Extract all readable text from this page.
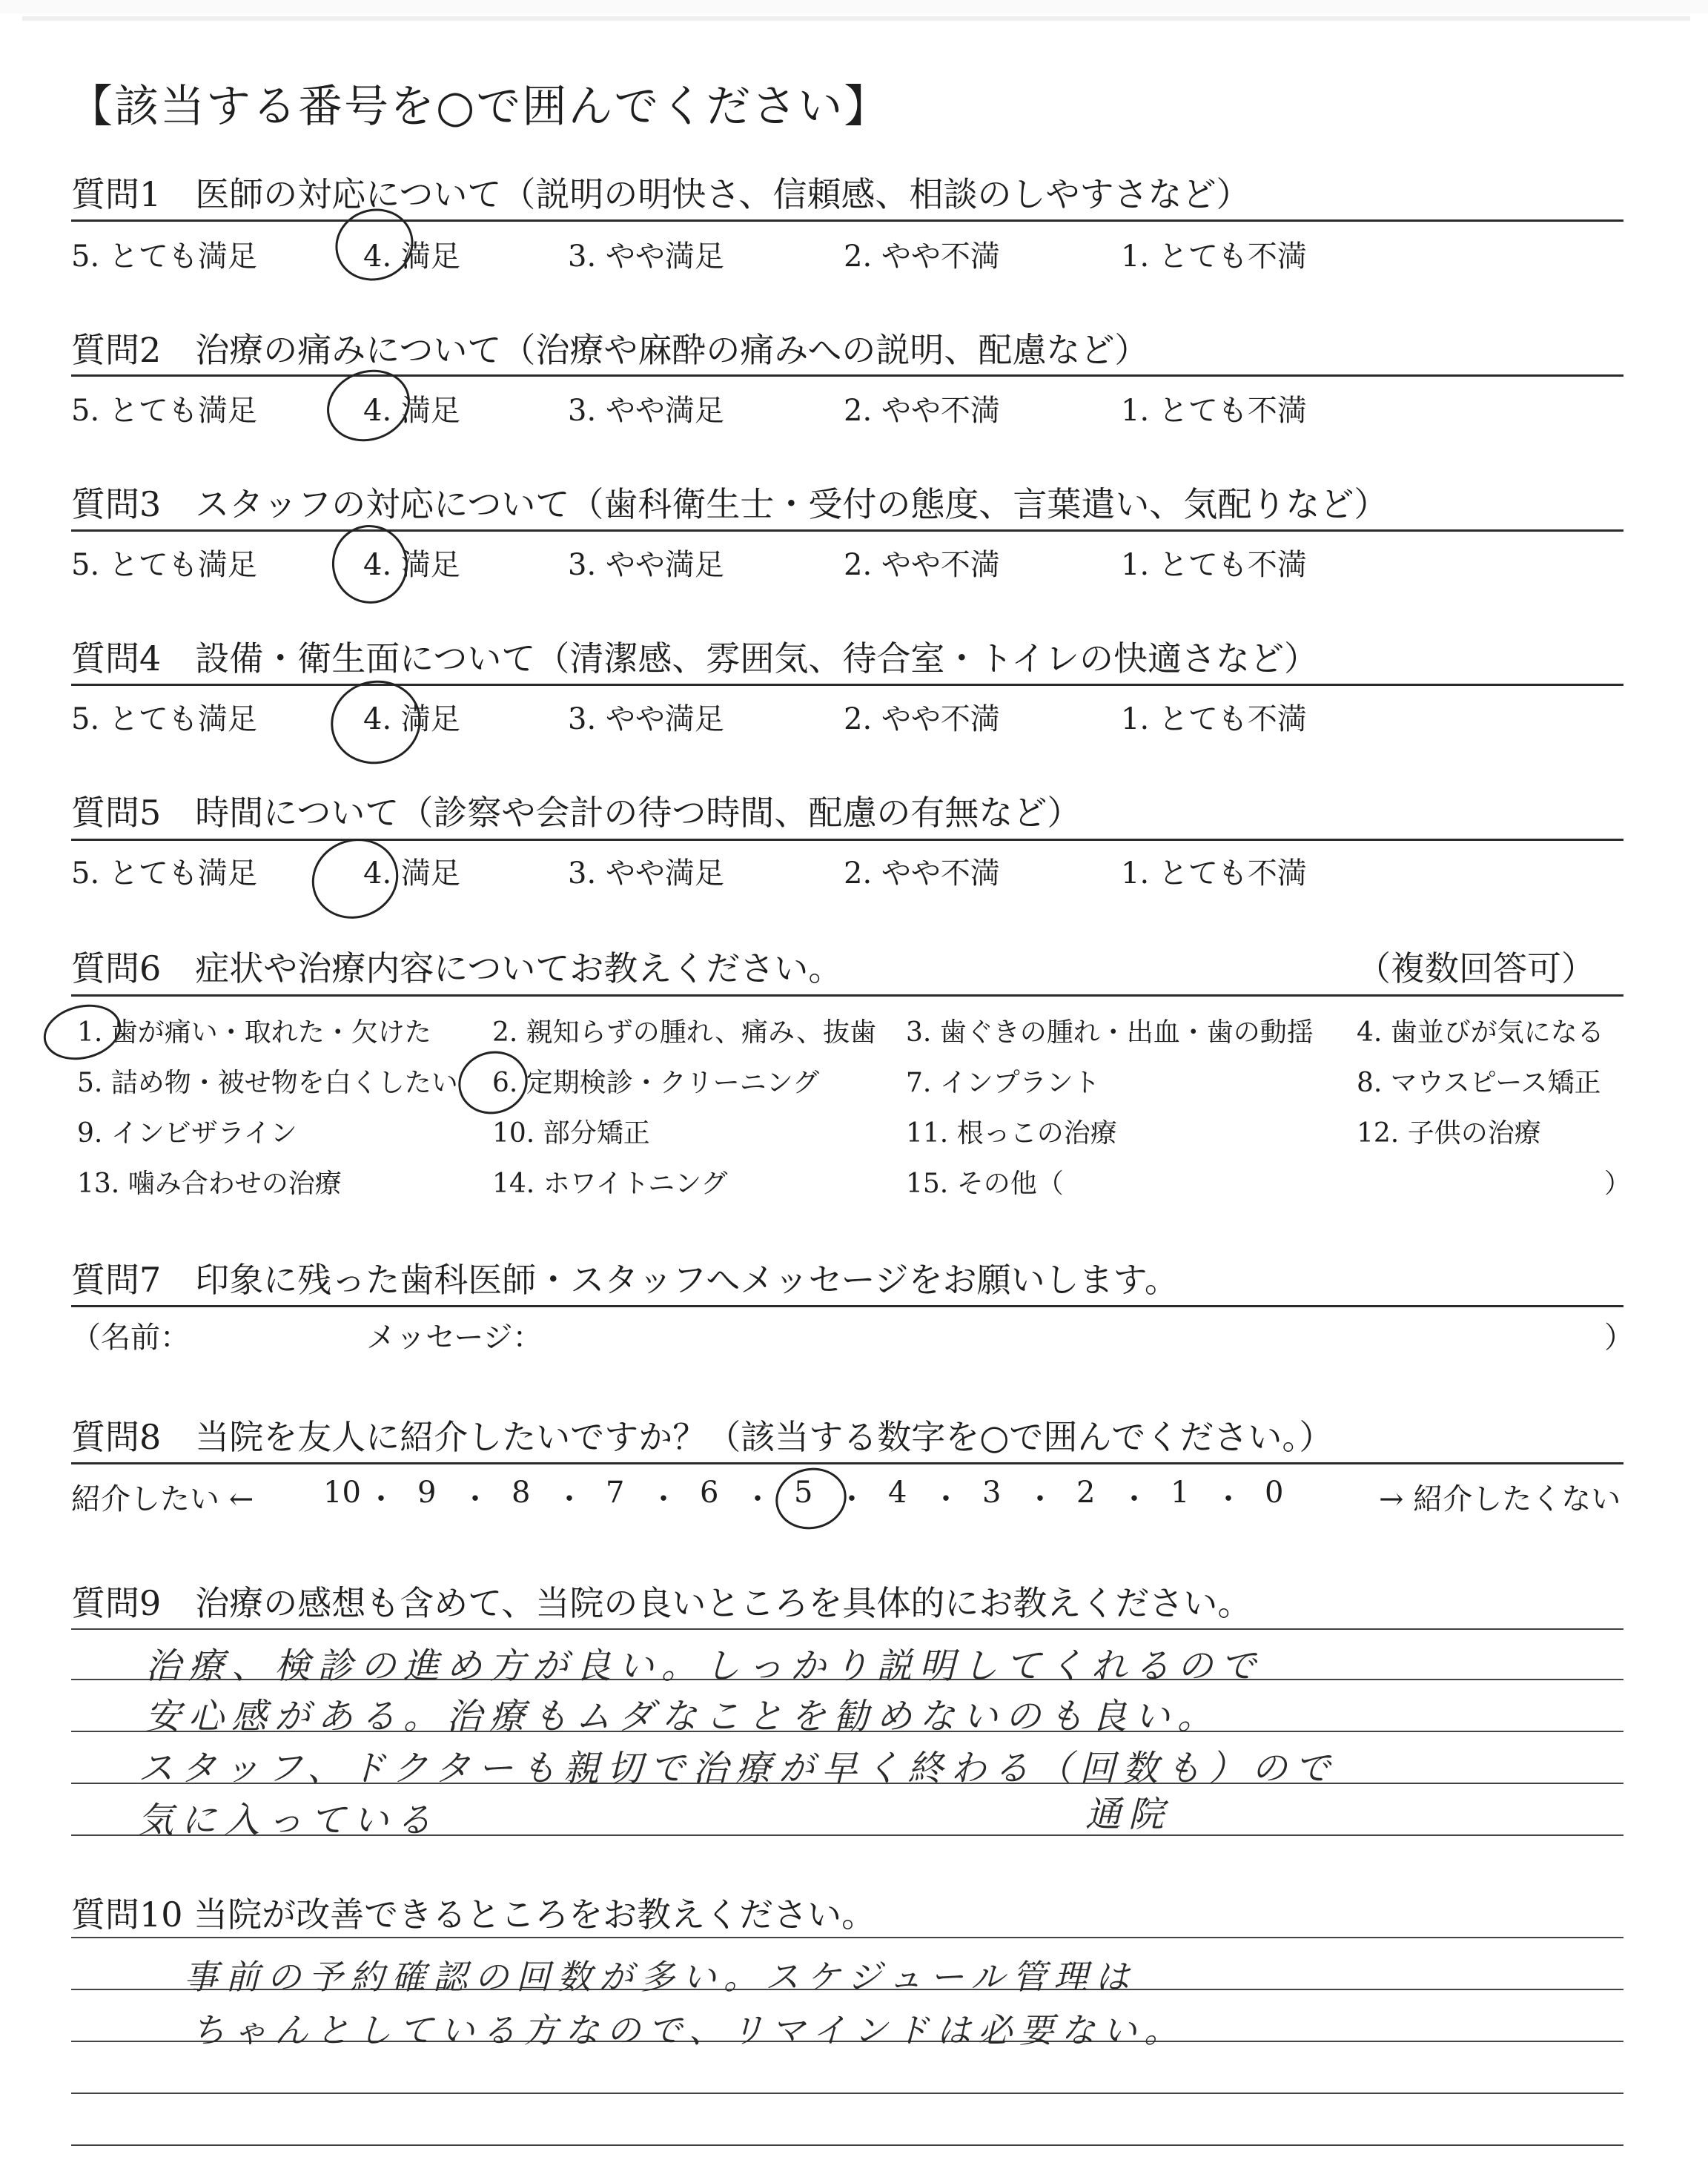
【該当する番号を○で囲んでください】
質問1　医師の対応について（説明の明快さ、信頼感、相談のしやすさなど）
5. とても満足	4. 満足	3. やや満足	2. やや不満	1. とても不満
質問2　治療の痛みについて（治療や麻酔の痛みへの説明、配慮など）
5. とても満足	4. 満足	3. やや満足	2. やや不満	1. とても不満
質問3　スタッフの対応について（歯科衛生士・受付の態度、言葉遣い、気配りなど）
5. とても満足	4. 満足	3. やや満足	2. やや不満	1. とても不満
質問4　設備・衛生面について（清潔感、雰囲気、待合室・トイレの快適さなど）
5. とても満足	4. 満足	3. やや満足	2. やや不満	1. とても不満
質問5　時間について（診察や会計の待つ時間、配慮の有無など）
5. とても満足	4. 満足	3. やや満足	2. やや不満	1. とても不満
質問6　症状や治療内容についてお教えください。	（複数回答可）
1. 歯が痛い・取れた・欠けた 2. 親知らずの腫れ、痛み、抜歯 3. 歯ぐきの腫れ・出血・歯の動揺 4. 歯並びが気になる
5. 詰め物・被せ物を白くしたい 6. 定期検診・クリーニング	7. インプラント	8. マウスピース矯正
9. インビザライン	10. 部分矯正	11. 根っこの治療	12. 子供の治療
13. 噛み合わせの治療	14. ホワイトニング	15. その他（	）
質問7　印象に残った歯科医師・スタッフへメッセージをお願いします。
（名前：	メッセージ：	）
質問8　当院を友人に紹介したいですか？（該当する数字を○で囲んでください。）
紹介したい ←	→ 紹介したくない
10 ・ 9 ・ 8 ・ 7 ・ 6 ・ 5 ・ 4 ・ 3 ・ 2 ・ 1 ・ 0
質問9　治療の感想も含めて、当院の良いところを具体的にお教えください。
治療、検診の進め方が良い。しっかり説明してくれるので
安心感がある。治療もムダなことを勧めないのも良い。
スタッフ、ドクターも親切で治療が早く終わる（回数も）ので
気に入っている	通院
質問10 当院が改善できるところをお教えください。
事前の予約確認の回数が多い。スケジュール管理は
ちゃんとしている方なので、リマインドは必要ない。
